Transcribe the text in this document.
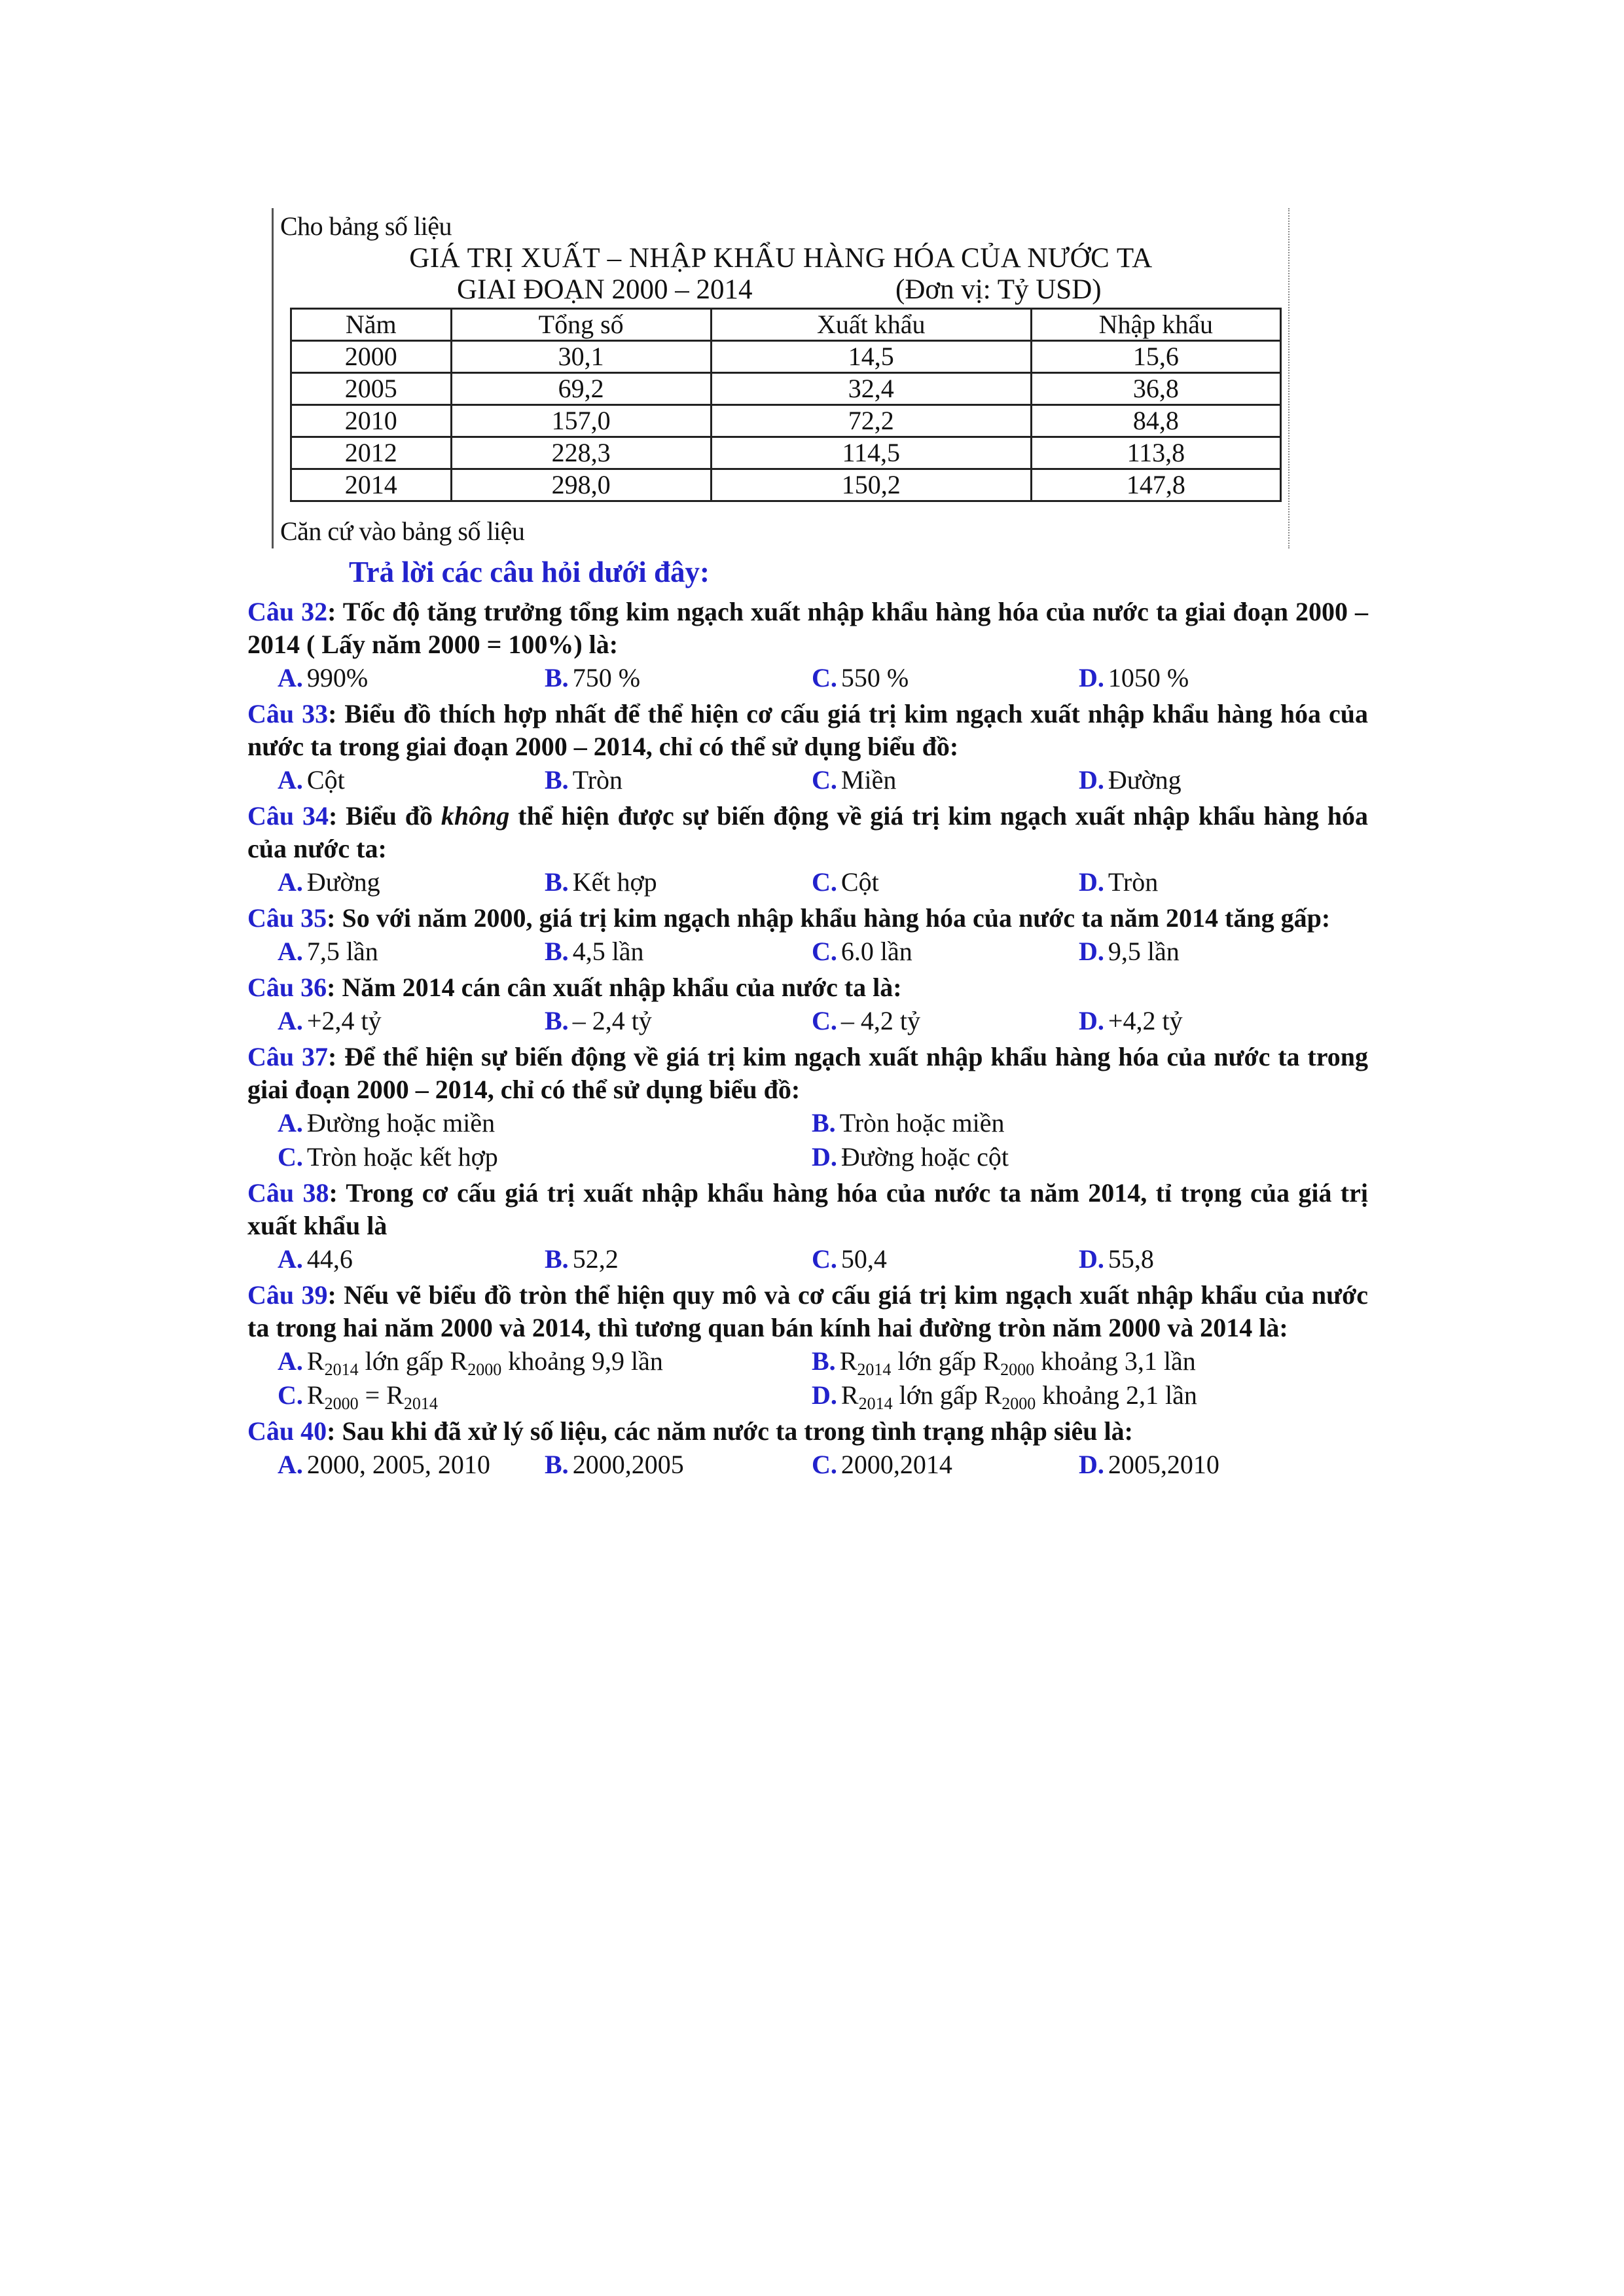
Cho bảng số liệu
GIÁ TRỊ XUẤT – NHẬP KHẨU HÀNG HÓA CỦA NƯỚC TA
GIAI ĐOẠN 2000 – 2014	(Đơn vị: Tỷ USD)
Năm	Tổng số	Xuất khẩu	Nhập khẩu
2000	30,1	14,5	15,6
2005	69,2	32,4	36,8
2010	157,0	72,2	84,8
2012	228,3	114,5	113,8
2014	298,0	150,2	147,8
Căn cứ vào bảng số liệu
Trả lời các câu hỏi dưới đây:
Câu 32: Tốc độ tăng trưởng tổng kim ngạch xuất nhập khẩu hàng hóa của nước ta giai đoạn 2000 – 2014 ( Lấy năm 2000 = 100%) là:
A. 990%	B. 750 %	C. 550 %	D. 1050 %
Câu 33: Biểu đồ thích hợp nhất để thể hiện cơ cấu giá trị kim ngạch xuất nhập khẩu hàng hóa của nước ta trong giai đoạn 2000 – 2014, chỉ có thể sử dụng biểu đồ:
A. Cột	B. Tròn	C. Miền	D. Đường
Câu 34: Biểu đồ không thể hiện được sự biến động về giá trị kim ngạch xuất nhập khẩu hàng hóa của nước ta:
A. Đường	B. Kết hợp	C. Cột	D. Tròn
Câu 35: So với năm 2000, giá trị kim ngạch nhập khẩu hàng hóa của nước ta năm 2014 tăng gấp:
A. 7,5 lần	B. 4,5 lần	C. 6.0 lần	D. 9,5 lần
Câu 36: Năm 2014 cán cân xuất nhập khẩu của nước ta là:
A. +2,4 tỷ	B. – 2,4 tỷ	C. – 4,2 tỷ	D. +4,2 tỷ
Câu 37: Để thể hiện sự biến động về giá trị kim ngạch xuất nhập khẩu hàng hóa của nước ta trong giai đoạn 2000 – 2014, chỉ có thể sử dụng biểu đồ:
A. Đường hoặc miền	B. Tròn hoặc miền
C. Tròn hoặc kết hợp	D. Đường hoặc cột
Câu 38: Trong cơ cấu giá trị xuất nhập khẩu hàng hóa của nước ta năm 2014, tỉ trọng của giá trị xuất khẩu là
A. 44,6	B. 52,2	C. 50,4	D. 55,8
Câu 39: Nếu vẽ biểu đồ tròn thể hiện quy mô và cơ cấu giá trị kim ngạch xuất nhập khẩu của nước ta trong hai năm 2000 và 2014, thì tương quan bán kính hai đường tròn năm 2000 và 2014 là:
A. $R_{2014}$ lớn gấp $R_{2000}$ khoảng 9,9 lần	B. $R_{2014}$ lớn gấp $R_{2000}$ khoảng 3,1 lần
C. $R_{2000} = R_{2014}$	D. $R_{2014}$ lớn gấp $R_{2000}$ khoảng 2,1 lần
Câu 40: Sau khi đã xử lý số liệu, các năm nước ta trong tình trạng nhập siêu là:
A. 2000, 2005, 2010	B. 2000,2005	C. 2000,2014	D. 2005,2010
